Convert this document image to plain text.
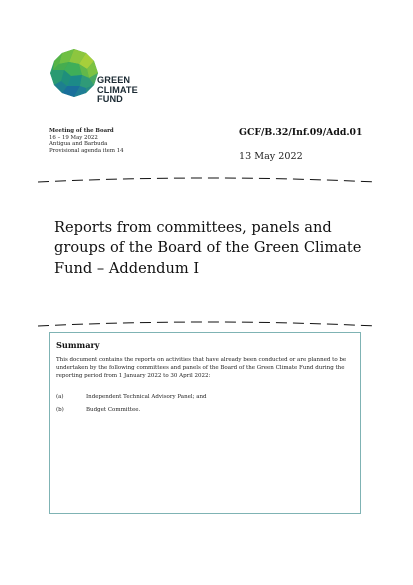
GREEN
CLIMATE
FUND
Meeting of the Board
16 – 19 May 2022
Antigua and Barbuda
Provisional agenda item 14
GCF/B.32/Inf.09/Add.01
13 May 2022
Reports from committees, panels and groups of the Board of the Green Climate Fund – Addendum I
Summary
This document contains the reports on activities that have already been conducted or are planned to be undertaken by the following committees and panels of the Board of the Green Climate Fund during the reporting period from 1 January 2022 to 30 April 2022:
(a)	Independent Technical Advisory Panel; and
(b)	Budget Committee.
